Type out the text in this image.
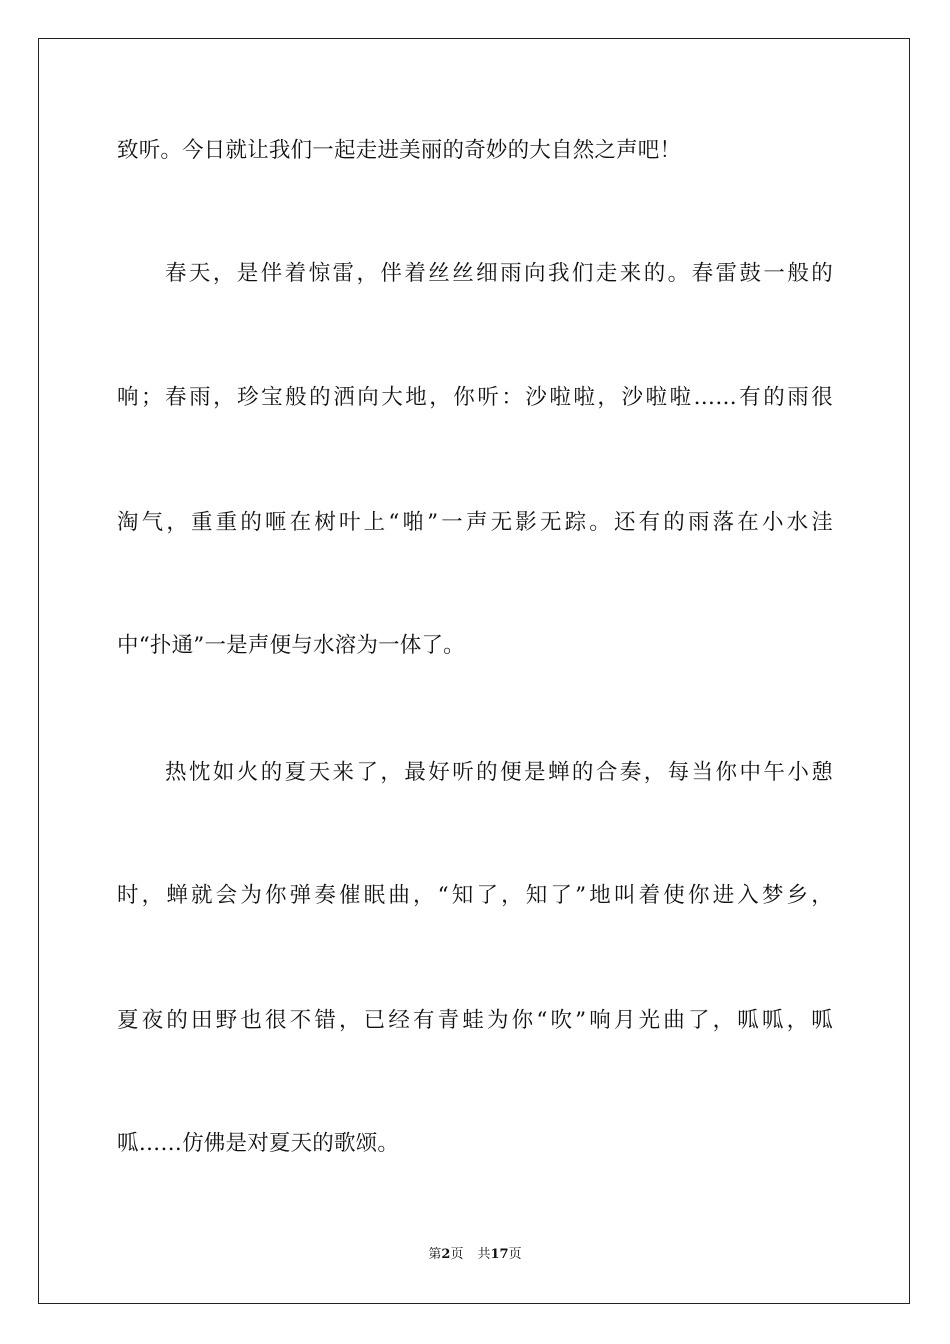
致听。今日就让我们一起走进美丽的奇妙的大自然之声吧！
春天，是伴着惊雷，伴着丝丝细雨向我们走来的。春雷鼓一般的
响；春雨，珍宝般的洒向大地，你听：沙啦啦，沙啦啦……有的雨很
淘气，重重的咂在树叶上“啪”一声无影无踪。还有的雨落在小水洼
中“扑通”一是声便与水溶为一体了。
热忱如火的夏天来了，最好听的便是蝉的合奏，每当你中午小憩
时，蝉就会为你弹奏催眠曲，“知了，知了”地叫着使你进入梦乡，
夏夜的田野也很不错，已经有青蛙为你“吹”响月光曲了，呱呱，呱
呱……仿佛是对夏天的歌颂。
第2页 共17页
